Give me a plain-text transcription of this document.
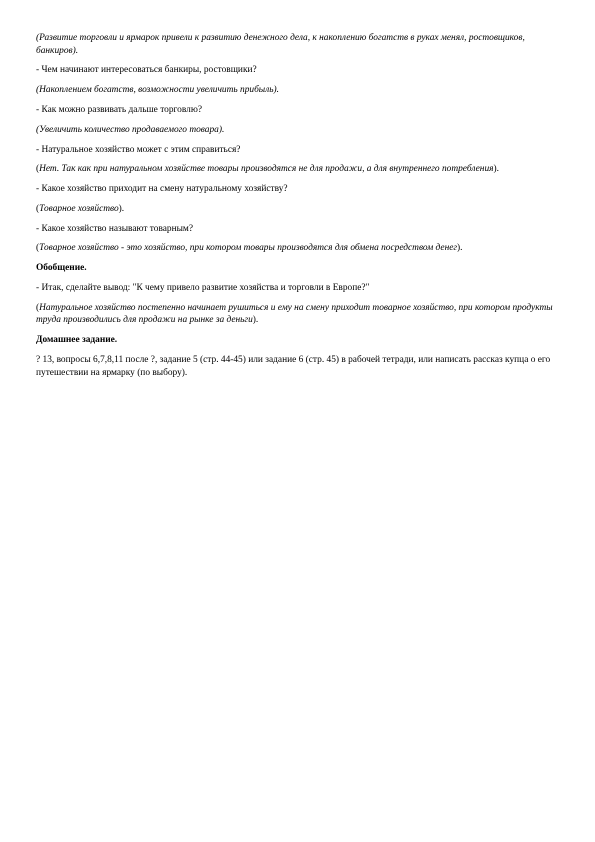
(Развитие торговли и ярмарок привели к развитию денежного дела, к накоплению богатств в руках менял, ростовщиков, банкиров).

- Чем начинают интересоваться банкиры, ростовщики?

(Накоплением богатств, возможности увеличить прибыль).

- Как можно развивать дальше торговлю?

(Увеличить количество продаваемого товара).

- Натуральное хозяйство может с этим справиться?

(Нет. Так как при натуральном хозяйстве товары производятся не для продажи, а для внутреннего потребления).

- Какое хозяйство приходит на смену натуральному хозяйству?

(Товарное хозяйство).

- Какое хозяйство называют товарным?

(Товарное хозяйство - это хозяйство, при котором товары производятся для обмена посредством денег).

Обобщение.

- Итак, сделайте вывод: "К чему привело развитие хозяйства и торговли в Европе?"

(Натуральное хозяйство постепенно начинает рушиться и ему на смену приходит товарное хозяйство, при котором продукты труда производились для продажи на рынке за деньги).

Домашнее задание.

? 13, вопросы 6,7,8,11 после ?, задание 5 (стр. 44-45) или задание 6 (стр. 45) в рабочей тетради, или написать рассказ купца о его путешествии на ярмарку (по выбору).
